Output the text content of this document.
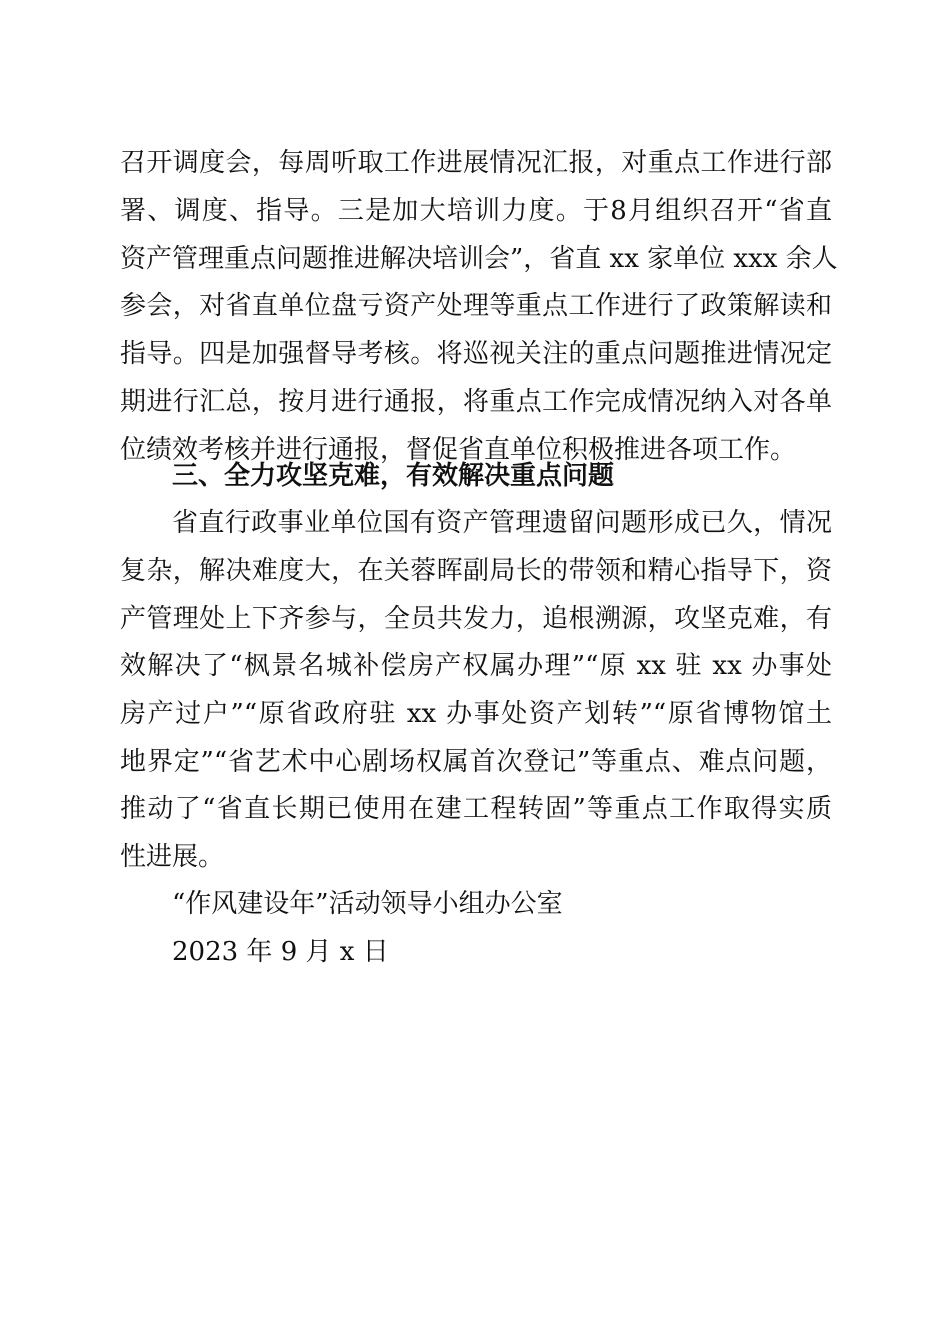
召开调度会，每周听取工作进展情况汇报，对重点工作进行部
署、调度、指导。三是加大培训力度。于8月组织召开“省直
资产管理重点问题推进解决培训会”，省直 xx 家单位 xxx 余人
参会，对省直单位盘亏资产处理等重点工作进行了政策解读和
指导。四是加强督导考核。将巡视关注的重点问题推进情况定
期进行汇总，按月进行通报，将重点工作完成情况纳入对各单
位绩效考核并进行通报，督促省直单位积极推进各项工作。
三、全力攻坚克难，有效解决重点问题
省直行政事业单位国有资产管理遗留问题形成已久，情况
复杂，解决难度大，在关蓉晖副局长的带领和精心指导下，资
产管理处上下齐参与，全员共发力，追根溯源，攻坚克难，有
效解决了“枫景名城补偿房产权属办理”“原 xx 驻 xx 办事处
房产过户”“原省政府驻 xx 办事处资产划转”“原省博物馆土
地界定”“省艺术中心剧场权属首次登记”等重点、难点问题，
推动了“省直长期已使用在建工程转固”等重点工作取得实质
性进展。
“作风建设年”活动领导小组办公室
2023 年 9 月 x 日
